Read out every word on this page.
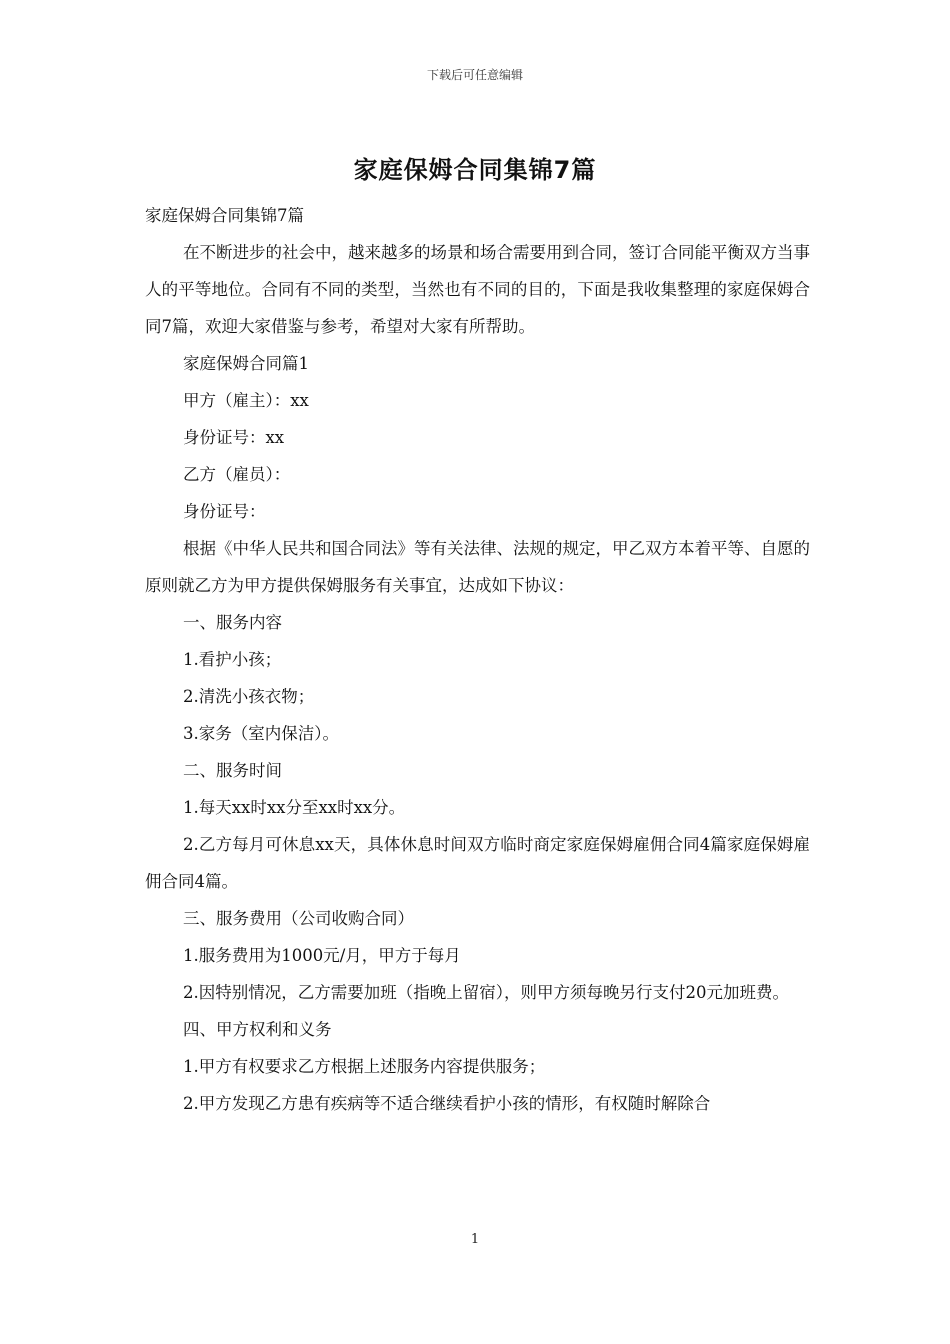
下载后可任意编辑
家庭保姆合同集锦7篇

家庭保姆合同集锦7篇

在不断进步的社会中，越来越多的场景和场合需要用到合同，签订合同能平衡双方当事人的平等地位。合同有不同的类型，当然也有不同的目的，下面是我收集整理的家庭保姆合同7篇，欢迎大家借鉴与参考，希望对大家有所帮助。

家庭保姆合同篇1

甲方（雇主）：xx

身份证号：xx

乙方（雇员）：

身份证号：

根据《中华人民共和国合同法》等有关法律、法规的规定，甲乙双方本着平等、自愿的原则就乙方为甲方提供保姆服务有关事宜，达成如下协议：

一、服务内容

1.看护小孩；

2.清洗小孩衣物；

3.家务（室内保洁）。

二、服务时间

1.每天xx时xx分至xx时xx分。

2.乙方每月可休息xx天，具体休息时间双方临时商定家庭保姆雇佣合同4篇家庭保姆雇佣合同4篇。

三、服务费用（公司收购合同）

1.服务费用为1000元/月，甲方于每月

2.因特别情况，乙方需要加班（指晚上留宿），则甲方须每晚另行支付20元加班费。

四、甲方权利和义务

1.甲方有权要求乙方根据上述服务内容提供服务；

2.甲方发现乙方患有疾病等不适合继续看护小孩的情形，有权随时解除合

1
